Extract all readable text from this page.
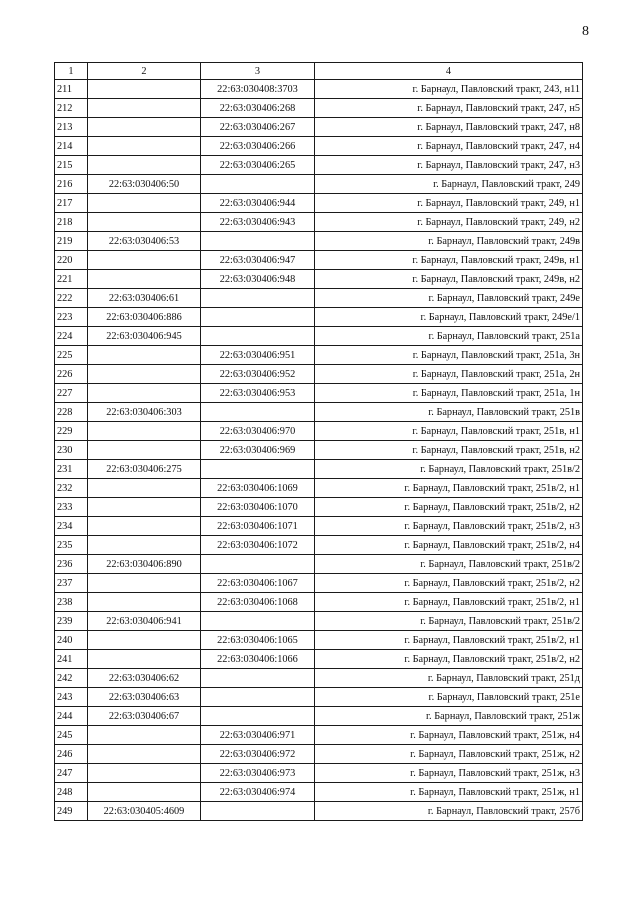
8
1	2	3	4
211		22:63:030408:3703	г. Барнаул, Павловский тракт, 243, н11
212		22:63:030406:268	г. Барнаул, Павловский тракт, 247, н5
213		22:63:030406:267	г. Барнаул, Павловский тракт, 247, н8
214		22:63:030406:266	г. Барнаул, Павловский тракт, 247, н4
215		22:63:030406:265	г. Барнаул, Павловский тракт, 247, н3
216	22:63:030406:50		г. Барнаул, Павловский тракт, 249
217		22:63:030406:944	г. Барнаул, Павловский тракт, 249, н1
218		22:63:030406:943	г. Барнаул, Павловский тракт, 249, н2
219	22:63:030406:53		г. Барнаул, Павловский тракт, 249в
220		22:63:030406:947	г. Барнаул, Павловский тракт, 249в, н1
221		22:63:030406:948	г. Барнаул, Павловский тракт, 249в, н2
222	22:63:030406:61		г. Барнаул, Павловский тракт, 249е
223	22:63:030406:886		г. Барнаул, Павловский тракт, 249е/1
224	22:63:030406:945		г. Барнаул, Павловский тракт, 251а
225		22:63:030406:951	г. Барнаул, Павловский тракт, 251а, 3н
226		22:63:030406:952	г. Барнаул, Павловский тракт, 251а, 2н
227		22:63:030406:953	г. Барнаул, Павловский тракт, 251а, 1н
228	22:63:030406:303		г. Барнаул, Павловский тракт, 251в
229		22:63:030406:970	г. Барнаул, Павловский тракт, 251в, н1
230		22:63:030406:969	г. Барнаул, Павловский тракт, 251в, н2
231	22:63:030406:275		г. Барнаул, Павловский тракт, 251в/2
232		22:63:030406:1069	г. Барнаул, Павловский тракт, 251в/2, н1
233		22:63:030406:1070	г. Барнаул, Павловский тракт, 251в/2, н2
234		22:63:030406:1071	г. Барнаул, Павловский тракт, 251в/2, н3
235		22:63:030406:1072	г. Барнаул, Павловский тракт, 251в/2, н4
236	22:63:030406:890		г. Барнаул, Павловский тракт, 251в/2
237		22:63:030406:1067	г. Барнаул, Павловский тракт, 251в/2, н2
238		22:63:030406:1068	г. Барнаул, Павловский тракт, 251в/2, н1
239	22:63:030406:941		г. Барнаул, Павловский тракт, 251в/2
240		22:63:030406:1065	г. Барнаул, Павловский тракт, 251в/2, н1
241		22:63:030406:1066	г. Барнаул, Павловский тракт, 251в/2, н2
242	22:63:030406:62		г. Барнаул, Павловский тракт, 251д
243	22:63:030406:63		г. Барнаул, Павловский тракт, 251е
244	22:63:030406:67		г. Барнаул, Павловский тракт, 251ж
245		22:63:030406:971	г. Барнаул, Павловский тракт, 251ж, н4
246		22:63:030406:972	г. Барнаул, Павловский тракт, 251ж, н2
247		22:63:030406:973	г. Барнаул, Павловский тракт, 251ж, н3
248		22:63:030406:974	г. Барнаул, Павловский тракт, 251ж, н1
249	22:63:030405:4609		г. Барнаул, Павловский тракт, 257б
